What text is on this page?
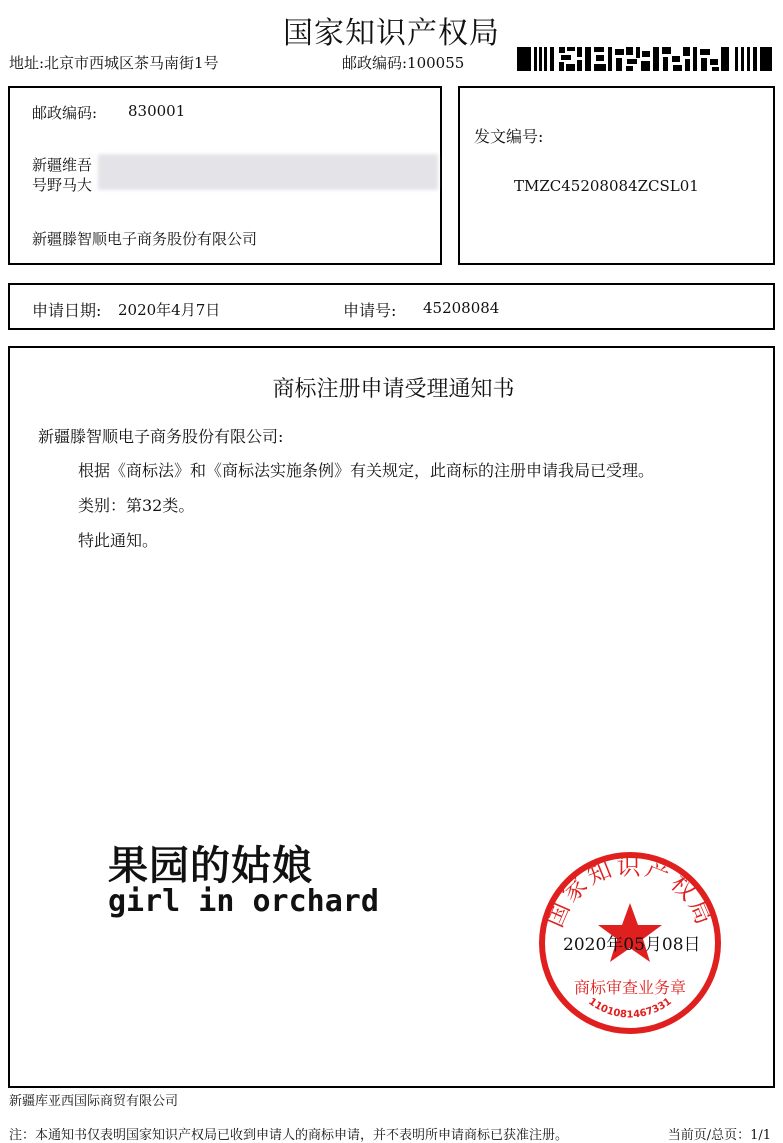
国家知识产权局
地址:北京市西城区茶马南街1号	邮政编码:100055
邮政编码: 830001
新疆维吾
号野马大
新疆滕智顺电子商务股份有限公司
发文编号:
TMZC45208084ZCSL01
申请日期: 2020年4月7日	申请号: 45208084
商标注册申请受理通知书
新疆滕智顺电子商务股份有限公司:
根据《商标法》和《商标法实施条例》有关规定，此商标的注册申请我局已受理。
类别：第32类。
特此通知。
果园的姑娘
girl in orchard	国家知识产权局
商标审查业务章
1101081467331
2020年05月08日
新疆库亚西国际商贸有限公司
注：本通知书仅表明国家知识产权局已收到申请人的商标申请，并不表明所申请商标已获准注册。	当前页/总页：1/1
